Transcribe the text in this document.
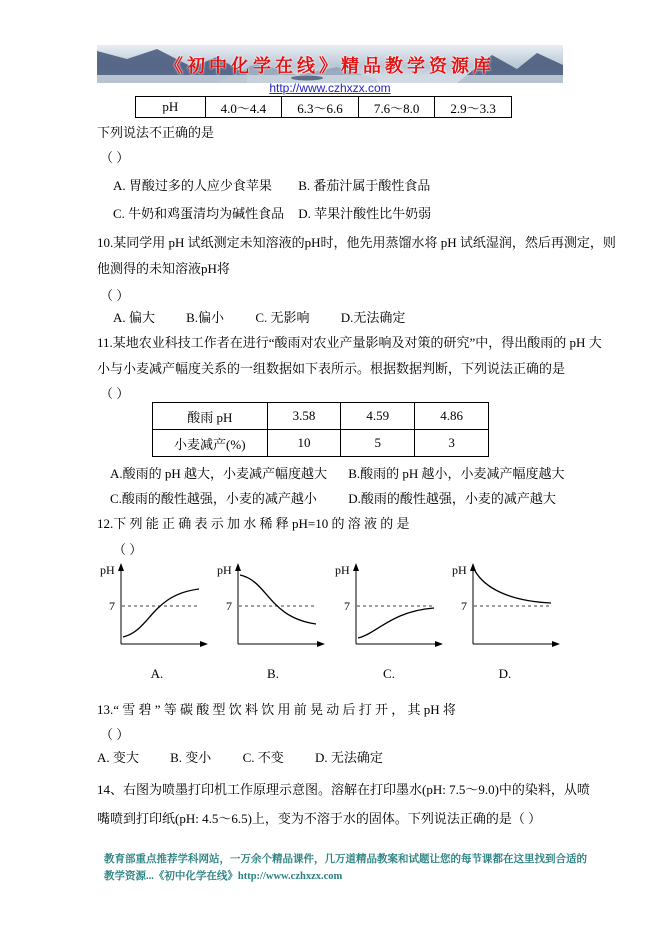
《初中化学在线》精品教学资源库
http://www.czhxzx.com
pH	4.0～4.4	6.3～6.6	7.6～8.0	2.9～3.3
下列说法不正确的是
（ ）
A. 胃酸过多的人应少食苹果 B. 番茄汁属于酸性食品
C. 牛奶和鸡蛋清均为碱性食品 D. 苹果汁酸性比牛奶弱
10.某同学用 pH 试纸测定未知溶液的pH时，他先用蒸馏水将 pH 试纸湿润，然后再测定，则
他测得的未知溶液pH将
（ ）
A. 偏大 B.偏小 C. 无影响 D.无法确定
11.某地农业科技工作者在进行“酸雨对农业产量影响及对策的研究”中，得出酸雨的 pH 大
小与小麦减产幅度关系的一组数据如下表所示。根据数据判断，下列说法正确的是
（ ）
酸雨 pH	3.58	4.59	4.86
小麦减产(%)	10	5	3
A.酸雨的 pH 越大，小麦减产幅度越大 B.酸雨的 pH 越小，小麦减产幅度越大
C.酸雨的酸性越强，小麦的减产越小 D.酸雨的酸性越强，小麦的减产越大
12.下 列 能 正 确 表 示 加 水 稀 释 pH=10 的 溶 液 的 是
（ ）
pH
7
pH
7
pH
7
pH
7
A.	B.	C.	D.
13.“ 雪 碧 ” 等 碳 酸 型 饮 料 饮 用 前 晃 动 后 打 开 ， 其 pH 将
（ ）
A. 变大 B. 变小 C. 不变 D. 无法确定
14、右图为喷墨打印机工作原理示意图。溶解在打印墨水(pH: 7.5～9.0)中的染料，从喷
嘴喷到打印纸(pH: 4.5～6.5)上，变为不溶于水的固体。下列说法正确的是（ ）
教育部重点推荐学科网站，一万余个精品课件，几万道精品教案和试题让您的每节课都在这里找到合适的
教学资源...《初中化学在线》http://www.czhxzx.com
